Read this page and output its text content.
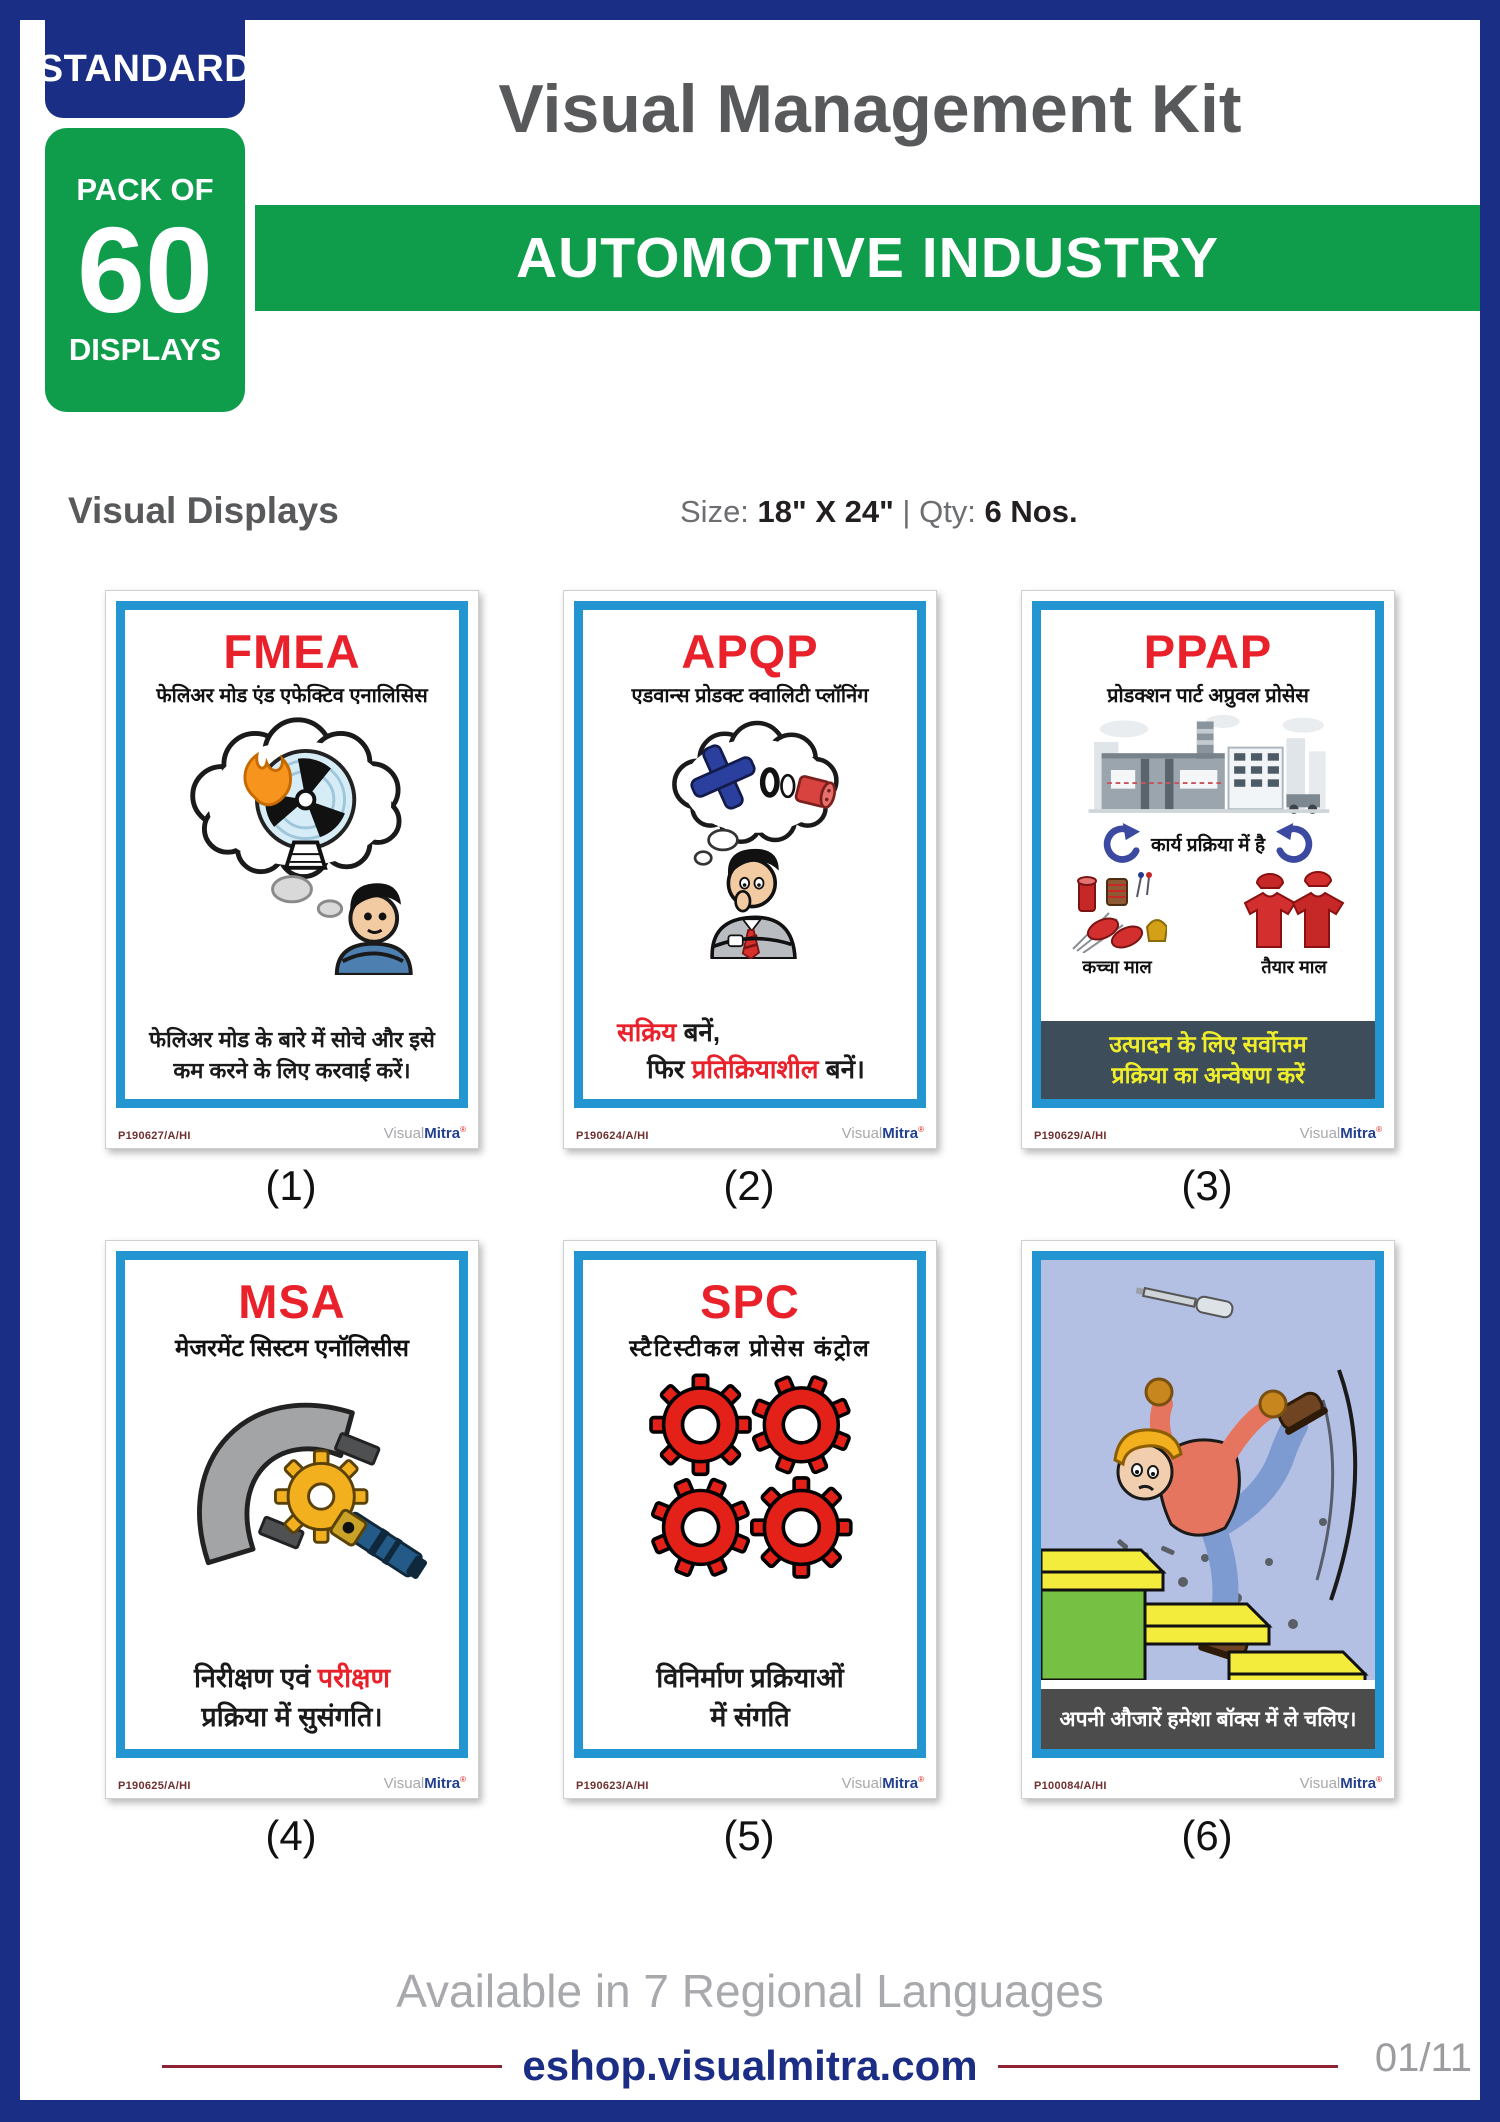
STANDARD
PACK OF
60
DISPLAYS
Visual Management Kit
AUTOMOTIVE INDUSTRY
Visual Displays	Size: 18" X 24" | Qty: 6 Nos.
FMEA
फेलिअर मोड एंड एफेक्टिव एनालिसिस
फेलिअर मोड के बारे में सोचे और इसे
कम करने के लिए करवाई करें।
P190627/A/HI	VisualMitra®
APQP
एडवान्स प्रोडक्ट क्वालिटी प्लॉनिंग
सक्रिय बनें,
फिर प्रतिक्रियाशील बनें।
P190624/A/HI	VisualMitra®
PPAP
प्रोडक्शन पार्ट अप्रुवल प्रोसेस
कार्य प्रक्रिया में है
कच्चा माल	तैयार माल
उत्पादन के लिए सर्वोत्तम
प्रक्रिया का अन्वेषण करें
P190629/A/HI	VisualMitra®
(1)	(2)	(3)
MSA
मेजरमेंट सिस्टम एनॉलिसीस
निरीक्षण एवं परीक्षण
प्रक्रिया में सुसंगति।
P190625/A/HI	VisualMitra®
SPC
स्टैटिस्टीकल प्रोसेस कंट्रोल
विनिर्माण प्रक्रियाओं
में संगति
P190623/A/HI	VisualMitra®
अपनी औजारें हमेशा बॉक्स में ले चलिए।
P100084/A/HI	VisualMitra®
(4)	(5)	(6)
Available in 7 Regional Languages
eshop.visualmitra.com	01/11
